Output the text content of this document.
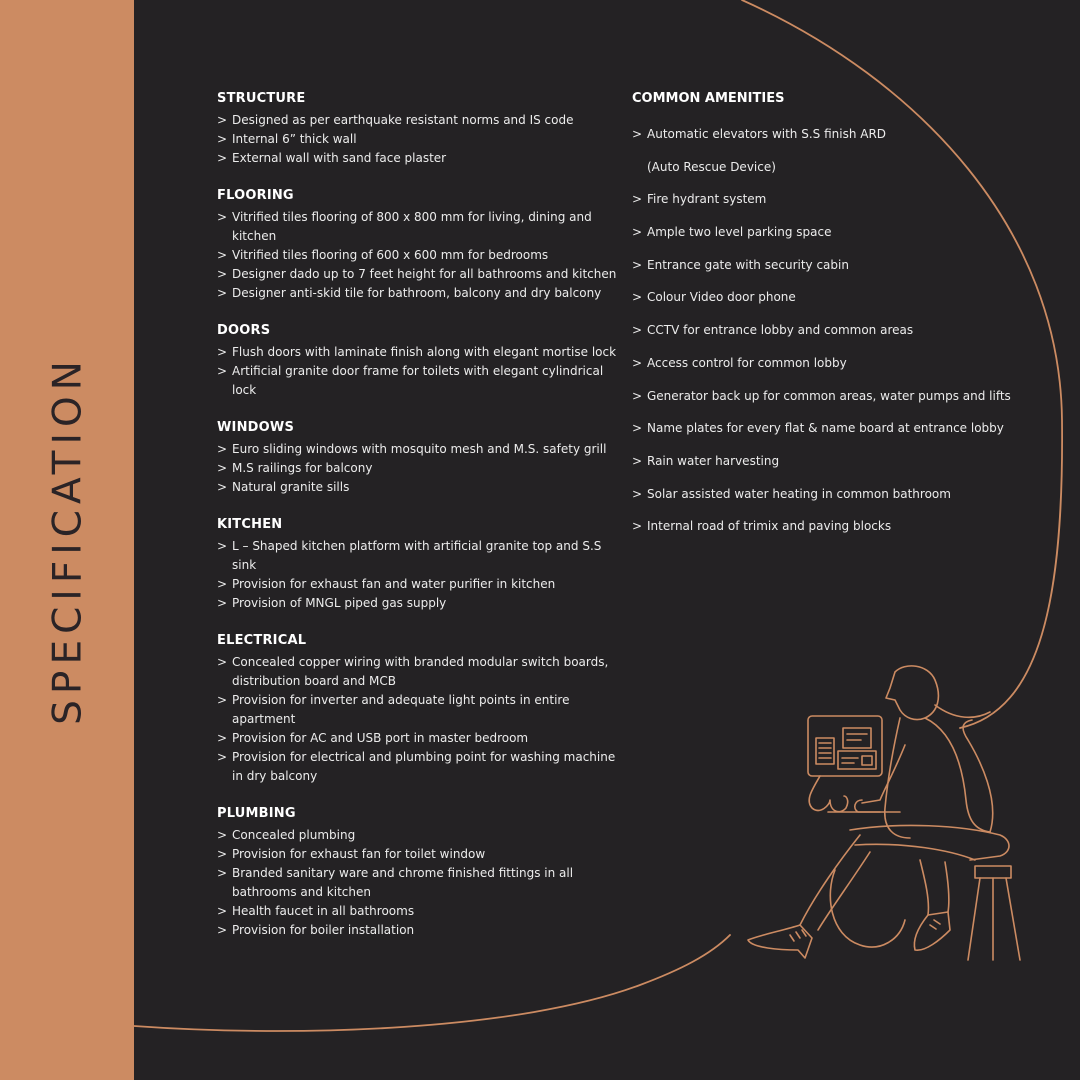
SPECIFICATION
STRUCTURE
> Designed as per earthquake resistant norms and IS code
> Internal 6” thick wall
> External wall with sand face plaster
FLOORING
> Vitrified tiles flooring of 800 x 800 mm for living, dining and kitchen
> Vitrified tiles flooring of 600 x 600 mm for bedrooms
> Designer dado up to 7 feet height for all bathrooms and kitchen
> Designer anti-skid tile for bathroom, balcony and dry balcony
DOORS
> Flush doors with laminate finish along with elegant mortise lock
> Artificial granite door frame for toilets with elegant cylindrical lock
WINDOWS
> Euro sliding windows with mosquito mesh and M.S. safety grill
> M.S railings for balcony
> Natural granite sills
KITCHEN
> L – Shaped kitchen platform with artificial granite top and S.S sink
> Provision for exhaust fan and water purifier in kitchen
> Provision of MNGL piped gas supply
ELECTRICAL
> Concealed copper wiring with branded modular switch boards, distribution board and MCB
> Provision for inverter and adequate light points in entire apartment
> Provision for AC and USB port in master bedroom
> Provision for electrical and plumbing point for washing machine in dry balcony
PLUMBING
> Concealed plumbing
> Provision for exhaust fan for toilet window
> Branded sanitary ware and chrome finished fittings in all bathrooms and kitchen
> Health faucet in all bathrooms
> Provision for boiler installation
COMMON AMENITIES
> Automatic elevators with S.S finish ARD
(Auto Rescue Device)
> Fire hydrant system
> Ample two level parking space
> Entrance gate with security cabin
> Colour Video door phone
> CCTV for entrance lobby and common areas
> Access control for common lobby
> Generator back up for common areas, water pumps and lifts
> Name plates for every flat & name board at entrance lobby
> Rain water harvesting
> Solar assisted water heating in common bathroom
> Internal road of trimix and paving blocks
